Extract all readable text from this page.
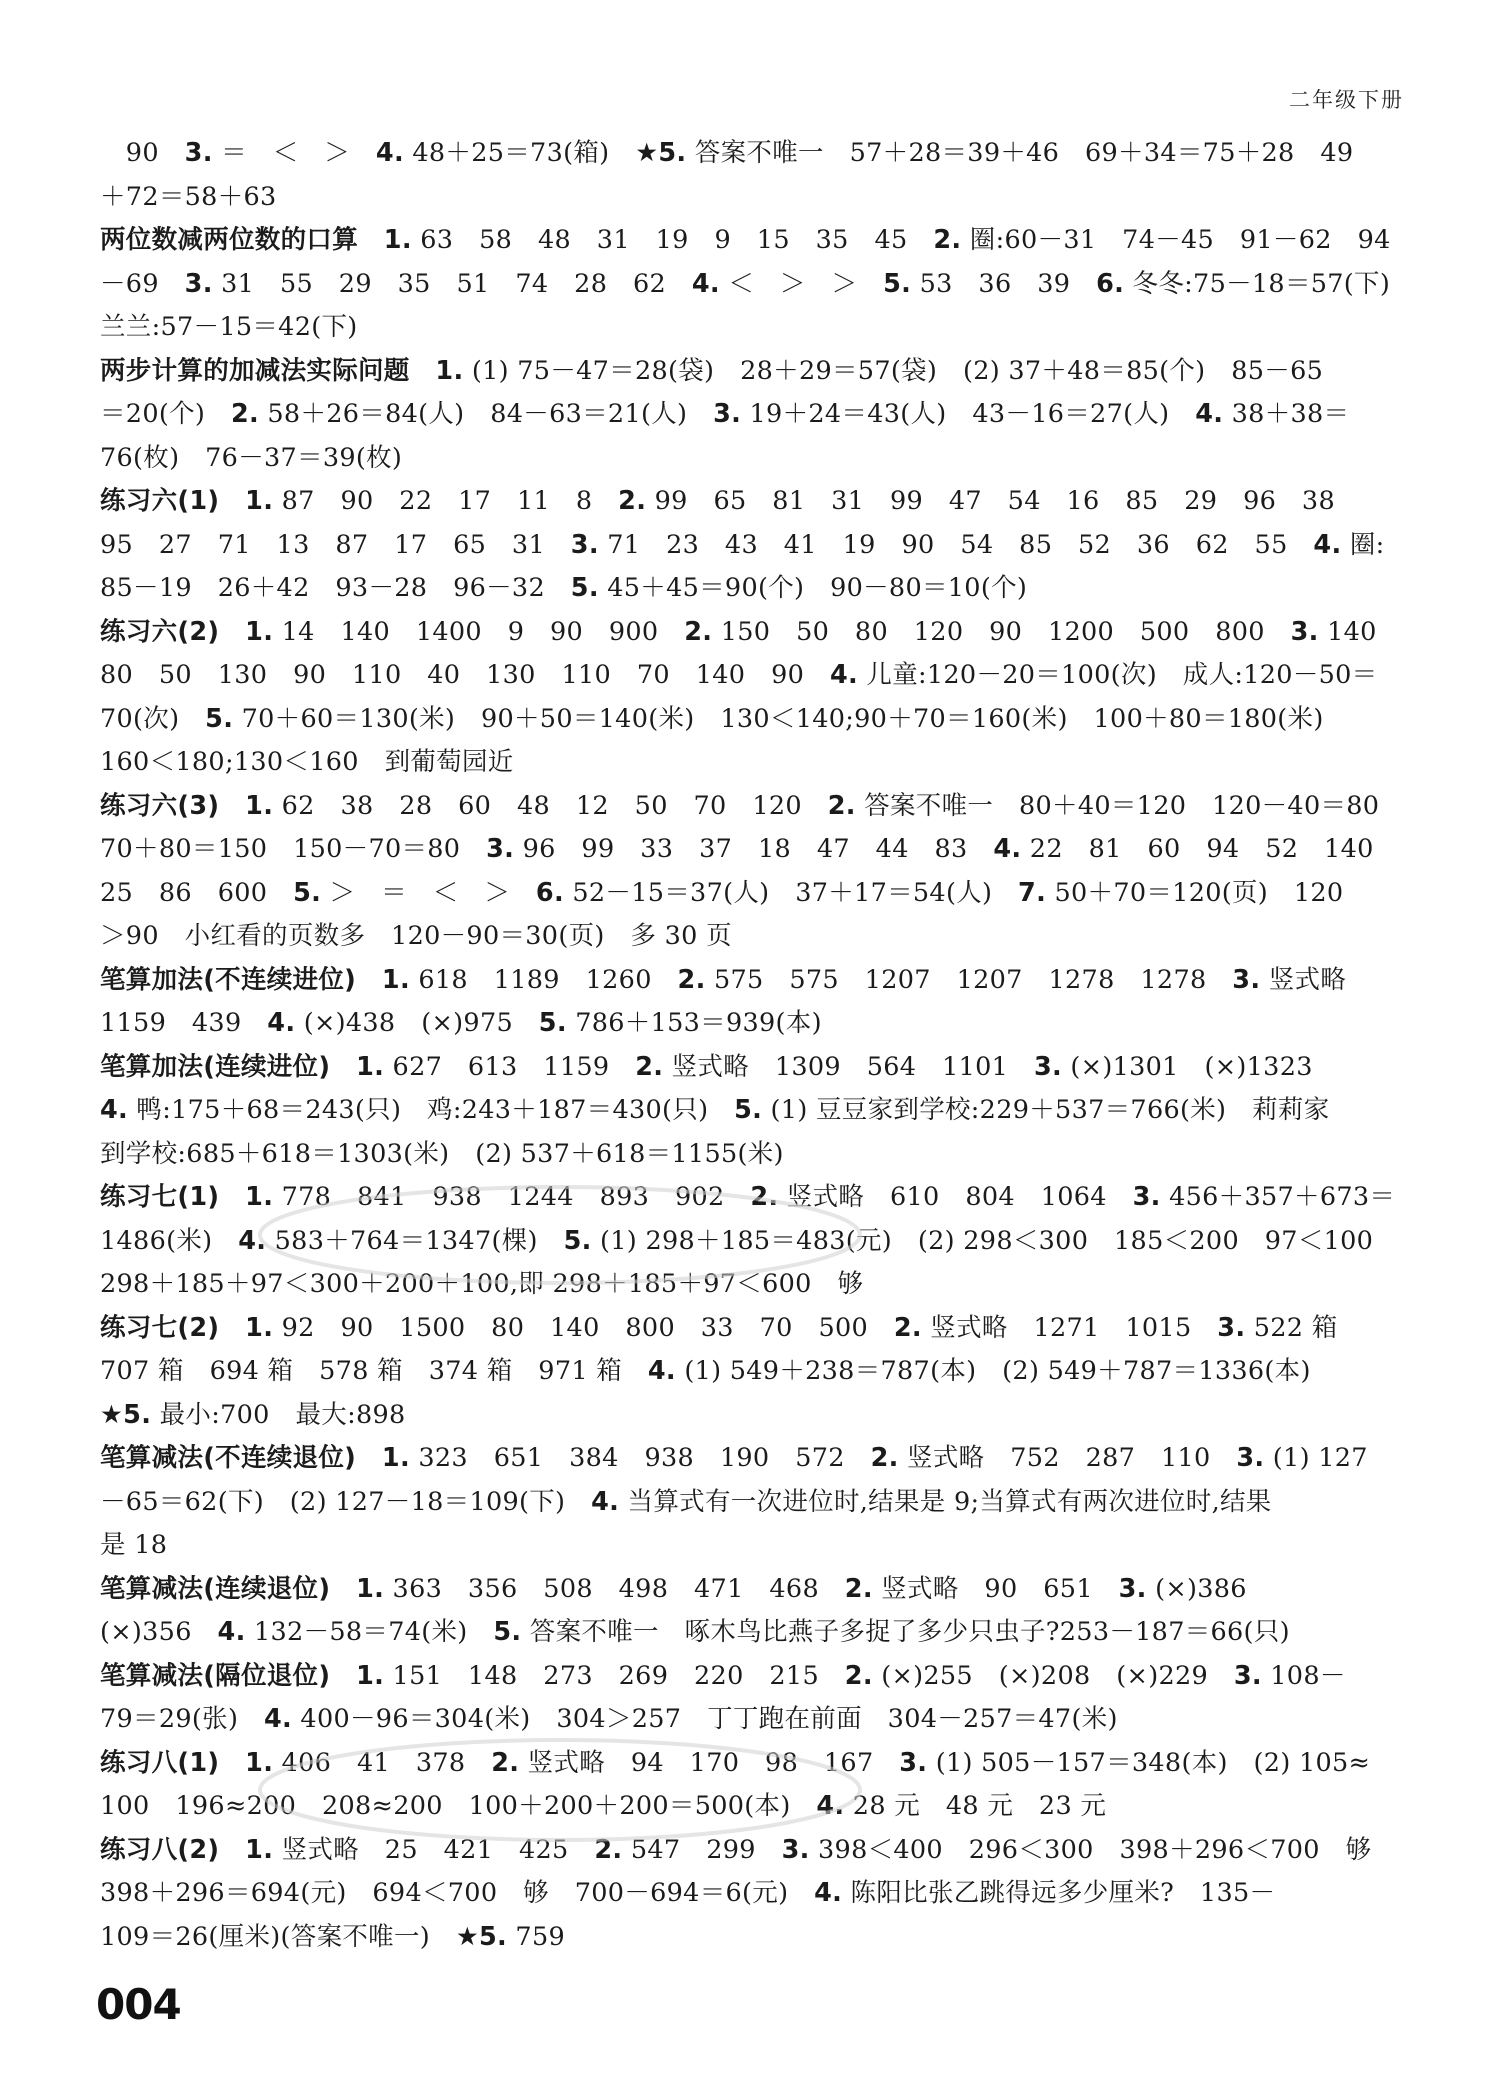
二年级下册
　90　3. ＝　＜　＞　4. 48＋25＝73(箱)　★5. 答案不唯一　57＋28＝39＋46　69＋34＝75＋28　49
＋72＝58＋63
两位数减两位数的口算　1. 63　58　48　31　19　9　15　35　45　2. 圈:60－31　74－45　91－62　94
－69　3. 31　55　29　35　51　74　28　62　4. ＜　＞　＞　5. 53　36　39　6. 冬冬:75－18＝57(下)
兰兰:57－15＝42(下)
两步计算的加减法实际问题　1. (1) 75－47＝28(袋)　28＋29＝57(袋)　(2) 37＋48＝85(个)　85－65
＝20(个)　2. 58＋26＝84(人)　84－63＝21(人)　3. 19＋24＝43(人)　43－16＝27(人)　4. 38＋38＝
76(枚)　76－37＝39(枚)
练习六(1)　1. 87　90　22　17　11　8　2. 99　65　81　31　99　47　54　16　85　29　96　38
95　27　71　13　87　17　65　31　3. 71　23　43　41　19　90　54　85　52　36　62　55　4. 圈:
85－19　26＋42　93－28　96－32　5. 45＋45＝90(个)　90－80＝10(个)
练习六(2)　1. 14　140　1400　9　90　900　2. 150　50　80　120　90　1200　500　800　3. 140
80　50　130　90　110　40　130　110　70　140　90　4. 儿童:120－20＝100(次)　成人:120－50＝
70(次)　5. 70＋60＝130(米)　90＋50＝140(米)　130＜140;90＋70＝160(米)　100＋80＝180(米)
160＜180;130＜160　到葡萄园近
练习六(3)　1. 62　38　28　60　48　12　50　70　120　2. 答案不唯一　80＋40＝120　120－40＝80
70＋80＝150　150－70＝80　3. 96　99　33　37　18　47　44　83　4. 22　81　60　94　52　140
25　86　600　5. ＞　＝　＜　＞　6. 52－15＝37(人)　37＋17＝54(人)　7. 50＋70＝120(页)　120
＞90　小红看的页数多　120－90＝30(页)　多 30 页
笔算加法(不连续进位)　1. 618　1189　1260　2. 575　575　1207　1207　1278　1278　3. 竖式略
1159　439　4. (×)438　(×)975　5. 786＋153＝939(本)
笔算加法(连续进位)　1. 627　613　1159　2. 竖式略　1309　564　1101　3. (×)1301　(×)1323
4. 鸭:175＋68＝243(只)　鸡:243＋187＝430(只)　5. (1) 豆豆家到学校:229＋537＝766(米)　莉莉家
到学校:685＋618＝1303(米)　(2) 537＋618＝1155(米)
练习七(1)　1. 778　841　938　1244　893　902　2. 竖式略　610　804　1064　3. 456＋357＋673＝
1486(米)　4. 583＋764＝1347(棵)　5. (1) 298＋185＝483(元)　(2) 298＜300　185＜200　97＜100
298＋185＋97＜300＋200＋100,即 298＋185＋97＜600　够
练习七(2)　1. 92　90　1500　80　140　800　33　70　500　2. 竖式略　1271　1015　3. 522 箱
707 箱　694 箱　578 箱　374 箱　971 箱　4. (1) 549＋238＝787(本)　(2) 549＋787＝1336(本)
★5. 最小:700　最大:898
笔算减法(不连续退位)　1. 323　651　384　938　190　572　2. 竖式略　752　287　110　3. (1) 127
－65＝62(下)　(2) 127－18＝109(下)　4. 当算式有一次进位时,结果是 9;当算式有两次进位时,结果
是 18
笔算减法(连续退位)　1. 363　356　508　498　471　468　2. 竖式略　90　651　3. (×)386
(×)356　4. 132－58＝74(米)　5. 答案不唯一　啄木鸟比燕子多捉了多少只虫子?253－187＝66(只)
笔算减法(隔位退位)　1. 151　148　273　269　220　215　2. (×)255　(×)208　(×)229　3. 108－
79＝29(张)　4. 400－96＝304(米)　304＞257　丁丁跑在前面　304－257＝47(米)
练习八(1)　1. 406　41　378　2. 竖式略　94　170　98　167　3. (1) 505－157＝348(本)　(2) 105≈
100　196≈200　208≈200　100＋200＋200＝500(本)　4. 28 元　48 元　23 元
练习八(2)　1. 竖式略　25　421　425　2. 547　299　3. 398＜400　296＜300　398＋296＜700　够
398＋296＝694(元)　694＜700　够　700－694＝6(元)　4. 陈阳比张乙跳得远多少厘米?　135－
109＝26(厘米)(答案不唯一)　★5. 759
004
